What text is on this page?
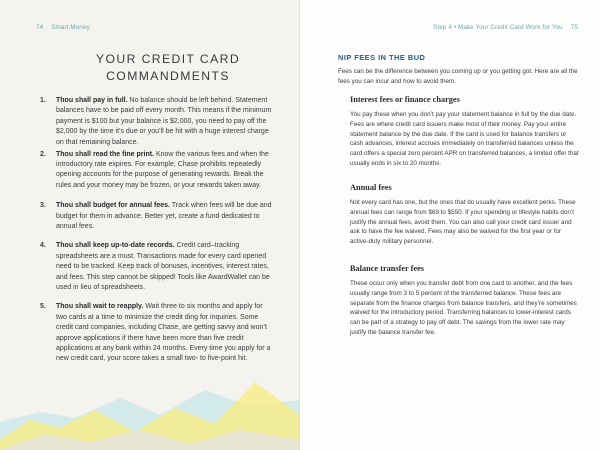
74 Smart Money
YOUR CREDIT CARD COMMANDMENTS
1.	Thou shall pay in full. No balance should be left behind. Statement balances have to be paid off every month. This means if the minimum payment is $100 but your balance is $2,000, you need to pay off the $2,000 by the time it’s due or you’ll be hit with a huge interest charge on that remaining balance.
2.	Thou shall read the fine print. Know the various fees and when the introductory rate expires. For example, Chase prohibits repeatedly opening accounts for the purpose of generating rewards. Break the rules and your money may be frozen, or your rewards taken away.
3.	Thou shall budget for annual fees. Track when fees will be due and budget for them in advance. Better yet, create a fund dedicated to annual fees.
4.	Thou shall keep up-to-date records. Credit card–tracking spreadsheets are a must. Transactions made for every card opened need to be tracked. Keep track of bonuses, incentives, interest rates, and fees. This step cannot be skipped! Tools like AwardWallet can be used in lieu of spreadsheets.
5.	Thou shall wait to reapply. Wait three to six months and apply for two cards at a time to minimize the credit ding for inquiries. Some credit card companies, including Chase, are getting savvy and won’t approve applications if there have been more than five credit applications at any bank within 24 months. Every time you apply for a new credit card, your score takes a small two- to five-point hit.
Step 4 • Make Your Credit Card Work for You 75
NIP FEES IN THE BUD

Fees can be the difference between you coming up or you getting got. Here are all the fees you can incur and how to avoid them.

Interest fees or finance charges

You pay these when you don’t pay your statement balance in full by the due date. Fees are where credit card issuers make most of their money. Pay your entire statement balance by the due date. If the card is used for balance transfers or cash advances, interest accrues immediately on transferred balances unless the card offers a special zero percent APR on transferred balances, a limited offer that usually ends in six to 20 months.

Annual fees

Not every card has one, but the ones that do usually have excellent perks. These annual fees can range from $69 to $550. If your spending or lifestyle habits don’t justify the annual fees, avoid them. You can also call your credit card issuer and ask to have the fee waived. Fees may also be waived for the first year or for active-duty military personnel.

Balance transfer fees

These occur only when you transfer debt from one card to another, and the fees usually range from 3 to 5 percent of the transferred balance. These fees are separate from the finance charges from balance transfers, and they’re sometimes waived for the introductory period. Transferring balances to lower-interest cards can be part of a strategy to pay off debt. The savings from the lower rate may justify the balance transfer fee.
